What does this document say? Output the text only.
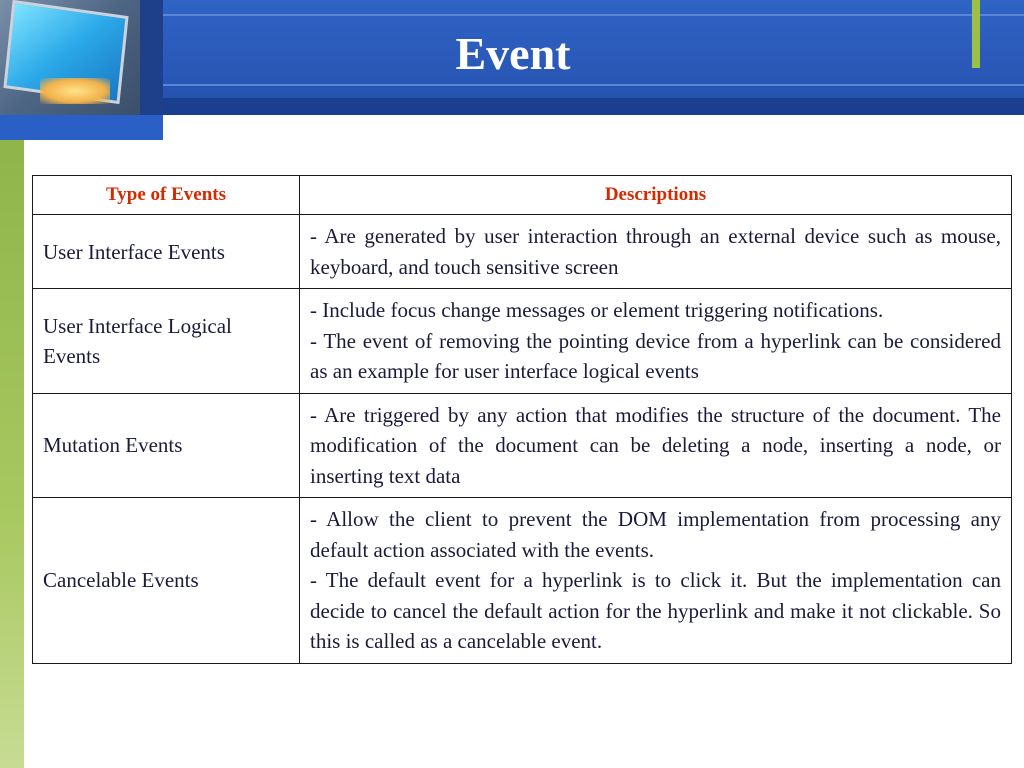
Event
Type of Events	Descriptions
User Interface Events	- Are generated by user interaction through an external device such as mouse, keyboard, and touch sensitive screen

User Interface Logical Events	- Include focus change messages or element triggering notifications.
- The event of removing the pointing device from a hyperlink can be considered as an example for user interface logical events

Mutation Events	- Are triggered by any action that modifies the structure of the document. The modification of the document can be deleting a node, inserting a node, or inserting text data

Cancelable Events	- Allow the client to prevent the DOM implementation from processing any default action associated with the events.
- The default event for a hyperlink is to click it. But the implementation can decide to cancel the default action for the hyperlink and make it not clickable. So this is called as a cancelable event.
